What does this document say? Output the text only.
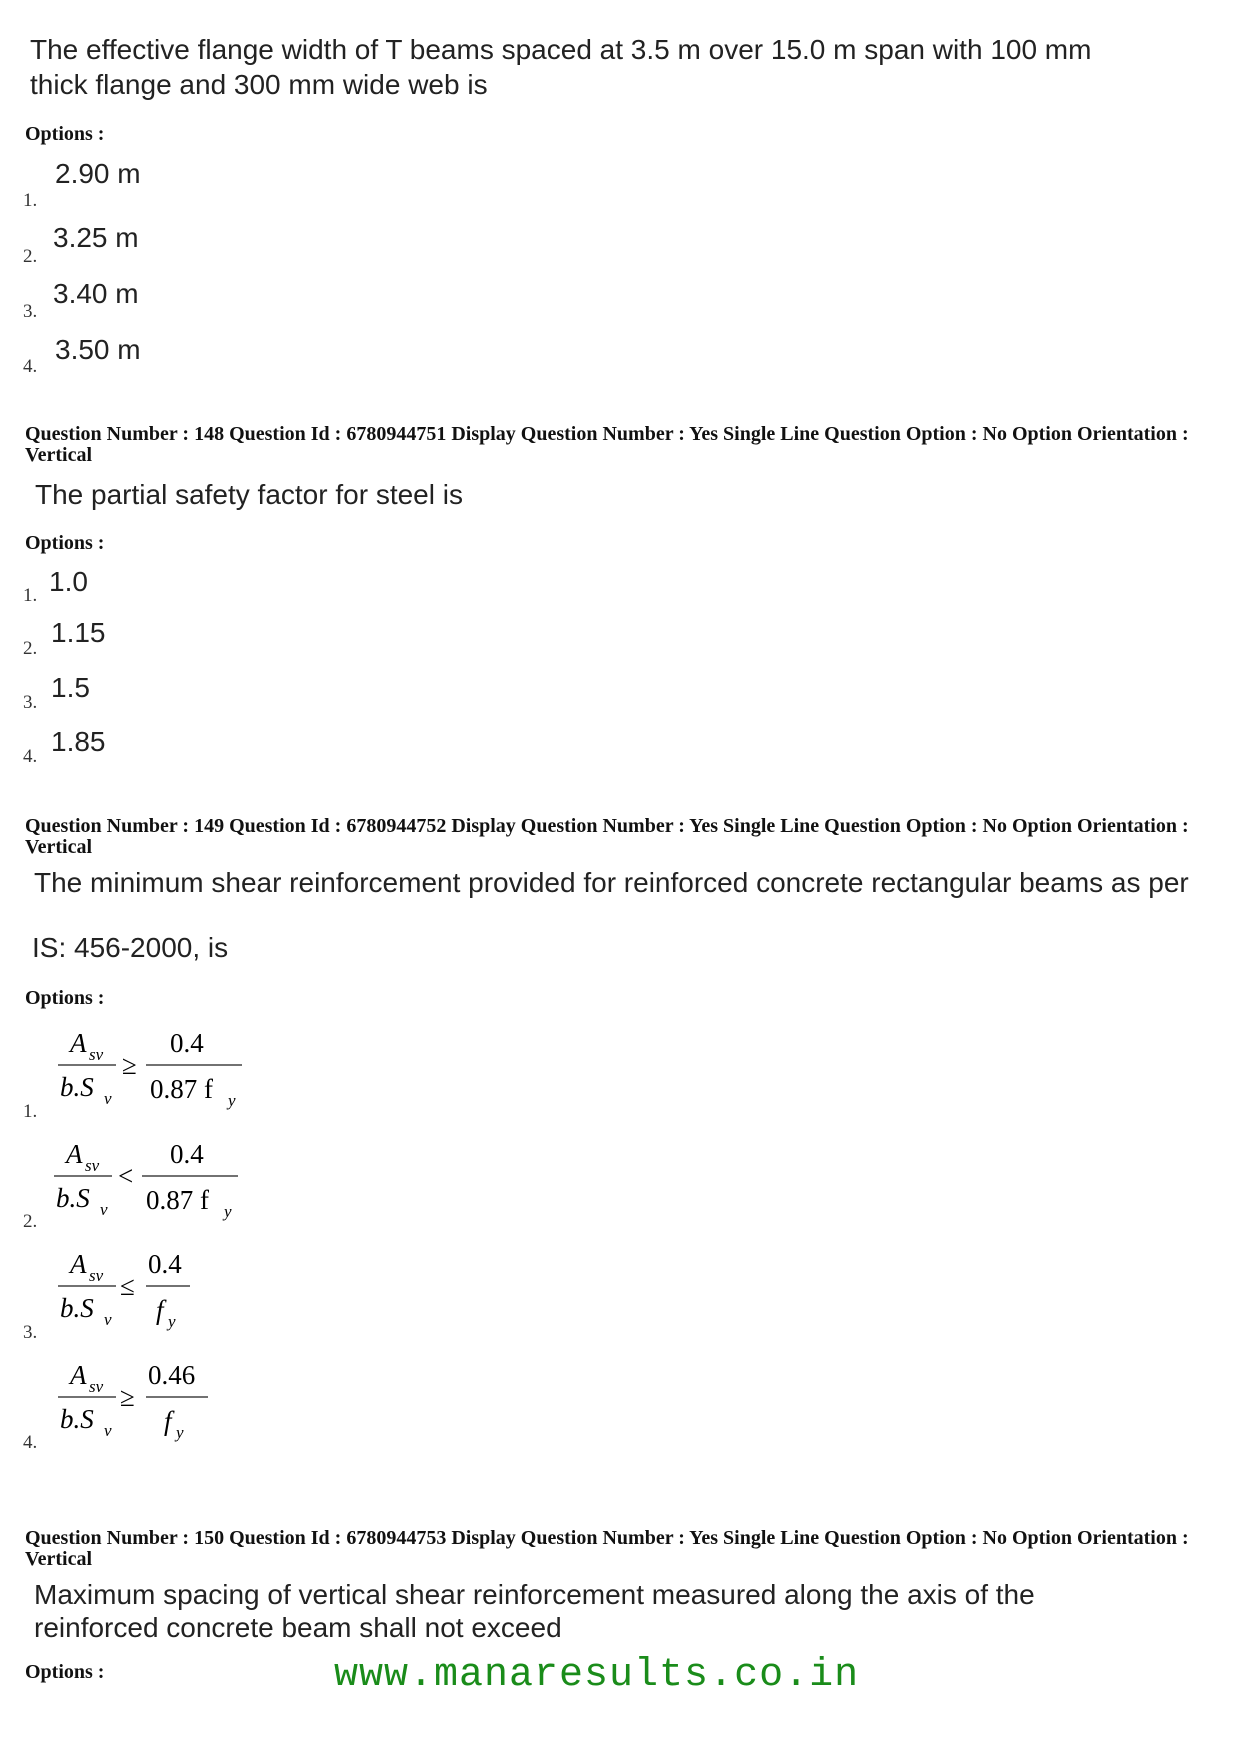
The effective flange width of T beams spaced at 3.5 m over 15.0 m span with 100 mm
thick flange and 300 mm wide web is
Options :
1.
2.90 m
2.
3.25 m
3.
3.40 m
4.
3.50 m
Question Number : 148 Question Id : 6780944751 Display Question Number : Yes Single Line Question Option : No Option Orientation : Vertical
The partial safety factor for steel is
Options :
1. 1.0
2.
1.15
3. 1.5
4. 1.85
Question Number : 149 Question Id : 6780944752 Display Question Number : Yes Single Line Question Option : No Option Orientation : Vertical
The minimum shear reinforcement provided for reinforced concrete rectangular beams as per
IS: 456-2000, is
Options :
1.
A sv
b.S v
≥
0.4
0.87 f y
2.
A sv
b.S v
<
0.4
0.87 f y
3.
A sv
b.S v
≤
0.4
f y
4.
A sv
b.S v
≥
0.46
f y
Question Number : 150 Question Id : 6780944753 Display Question Number : Yes Single Line Question Option : No Option Orientation : Vertical
Maximum spacing of vertical shear reinforcement measured along the axis of the
reinforced concrete beam shall not exceed
Options :	www.manaresults.co.in
